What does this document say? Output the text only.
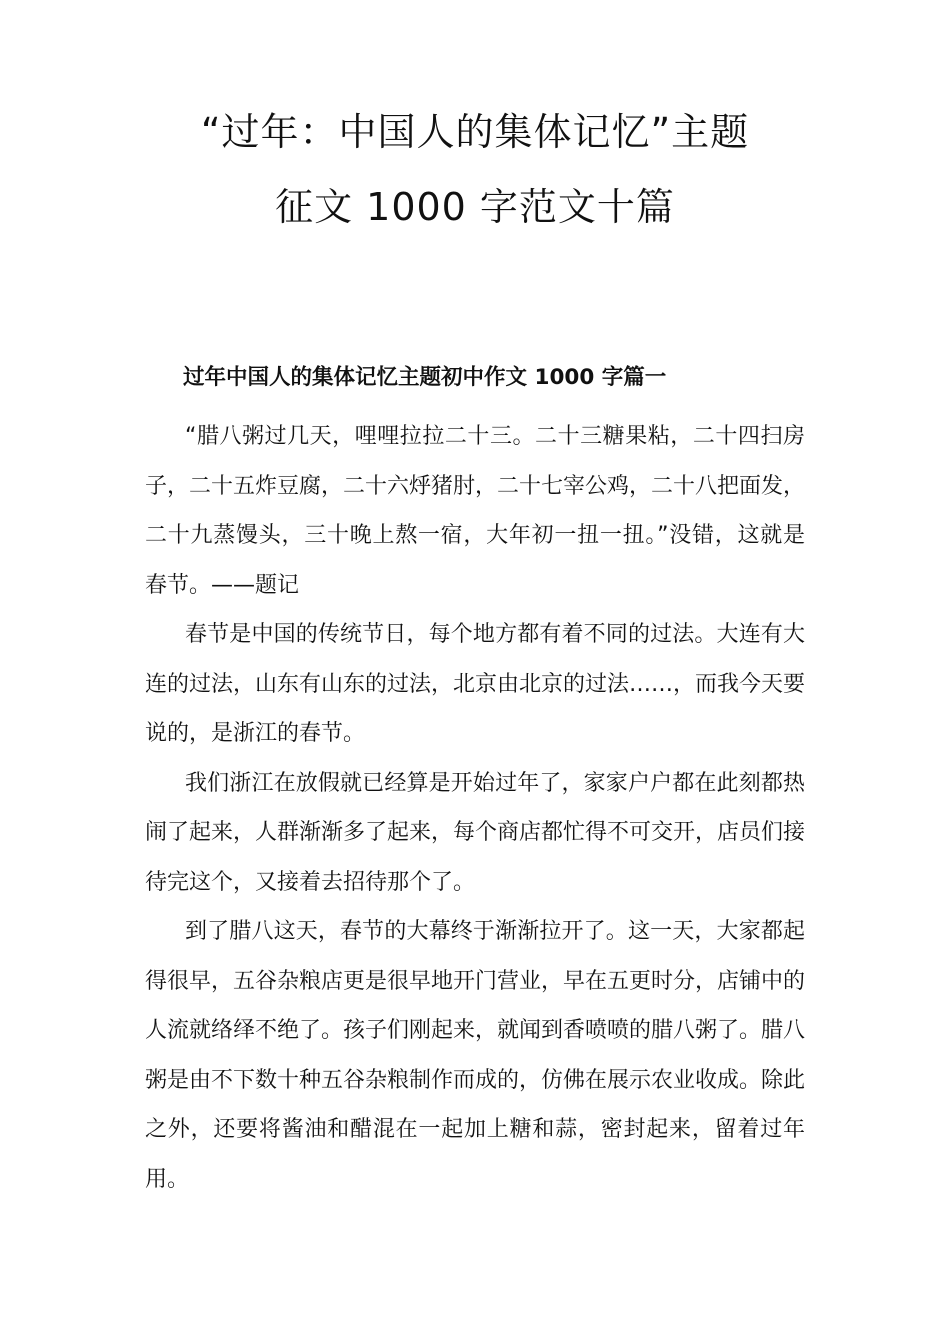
“过年：中国人的集体记忆”主题
征文 1000 字范文十篇
过年中国人的集体记忆主题初中作文 1000 字篇一

“腊八粥过几天，哩哩拉拉二十三。二十三糖果粘，二十四扫房子，二十五炸豆腐，二十六烀猪肘，二十七宰公鸡，二十八把面发，二十九蒸馒头，三十晚上熬一宿，大年初一扭一扭。”没错，这就是春节。——题记

春节是中国的传统节日，每个地方都有着不同的过法。大连有大连的过法，山东有山东的过法，北京由北京的过法……，而我今天要说的，是浙江的春节。

我们浙江在放假就已经算是开始过年了，家家户户都在此刻都热闹了起来，人群渐渐多了起来，每个商店都忙得不可交开，店员们接待完这个，又接着去招待那个了。

到了腊八这天，春节的大幕终于渐渐拉开了。这一天，大家都起得很早，五谷杂粮店更是很早地开门营业，早在五更时分，店铺中的人流就络绎不绝了。孩子们刚起来，就闻到香喷喷的腊八粥了。腊八粥是由不下数十种五谷杂粮制作而成的，仿佛在展示农业收成。除此之外，还要将酱油和醋混在一起加上糖和蒜，密封起来，留着过年用。
